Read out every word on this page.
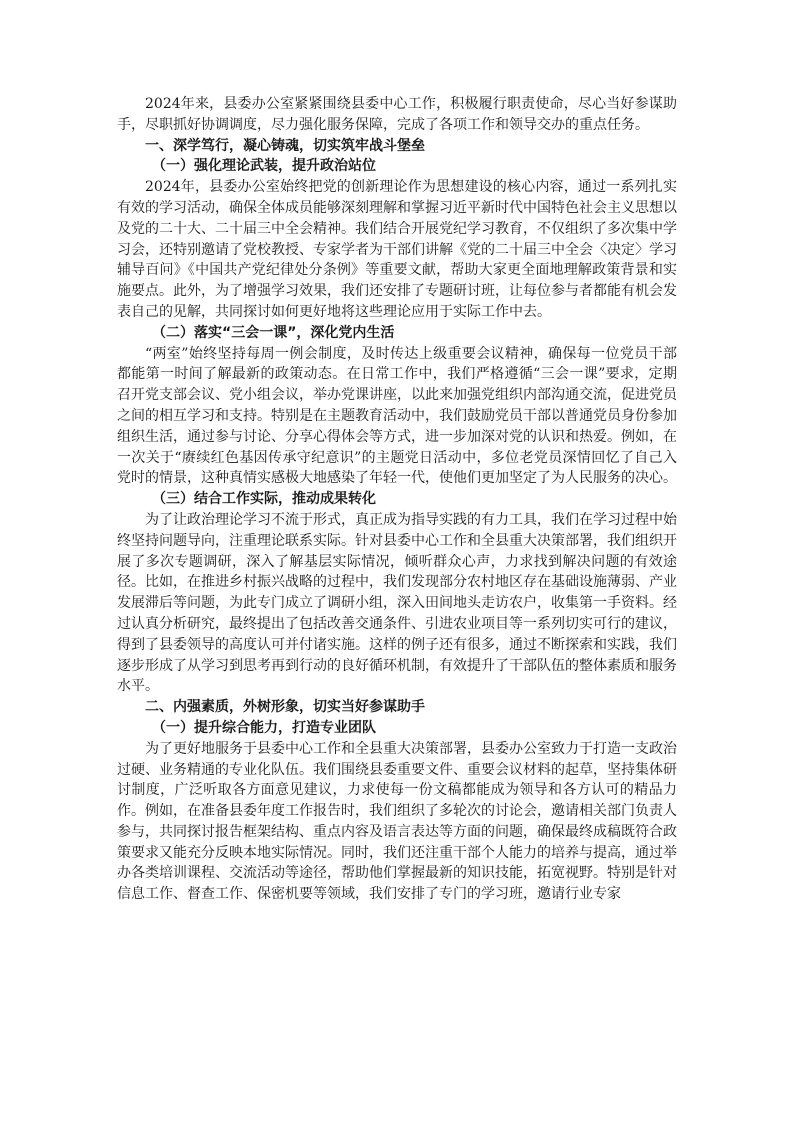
2024年来，县委办公室紧紧围绕县委中心工作，积极履行职责使命，尽心当好参谋助手，尽职抓好协调调度，尽力强化服务保障，完成了各项工作和领导交办的重点任务。

一、深学笃行，凝心铸魂，切实筑牢战斗堡垒
（一）强化理论武装，提升政治站位

2024年，县委办公室始终把党的创新理论作为思想建设的核心内容，通过一系列扎实有效的学习活动，确保全体成员能够深刻理解和掌握习近平新时代中国特色社会主义思想以及党的二十大、二十届三中全会精神。我们结合开展党纪学习教育，不仅组织了多次集中学习会，还特别邀请了党校教授、专家学者为干部们讲解《党的二十届三中全会〈决定〉学习辅导百问》《中国共产党纪律处分条例》等重要文献，帮助大家更全面地理解政策背景和实施要点。此外，为了增强学习效果，我们还安排了专题研讨班，让每位参与者都能有机会发表自己的见解，共同探讨如何更好地将这些理论应用于实际工作中去。

（二）落实“三会一课”，深化党内生活

“两室”始终坚持每周一例会制度，及时传达上级重要会议精神，确保每一位党员干部都能第一时间了解最新的政策动态。在日常工作中，我们严格遵循“三会一课”要求，定期召开党支部会议、党小组会议，举办党课讲座，以此来加强党组织内部沟通交流，促进党员之间的相互学习和支持。特别是在主题教育活动中，我们鼓励党员干部以普通党员身份参加组织生活，通过参与讨论、分享心得体会等方式，进一步加深对党的认识和热爱。例如，在一次关于“赓续红色基因传承守纪意识”的主题党日活动中，多位老党员深情回忆了自己入党时的情景，这种真情实感极大地感染了年轻一代，使他们更加坚定了为人民服务的决心。

（三）结合工作实际，推动成果转化

为了让政治理论学习不流于形式，真正成为指导实践的有力工具，我们在学习过程中始终坚持问题导向，注重理论联系实际。针对县委中心工作和全县重大决策部署，我们组织开展了多次专题调研，深入了解基层实际情况，倾听群众心声，力求找到解决问题的有效途径。比如，在推进乡村振兴战略的过程中，我们发现部分农村地区存在基础设施薄弱、产业发展滞后等问题，为此专门成立了调研小组，深入田间地头走访农户，收集第一手资料。经过认真分析研究，最终提出了包括改善交通条件、引进农业项目等一系列切实可行的建议，得到了县委领导的高度认可并付诸实施。这样的例子还有很多，通过不断探索和实践，我们逐步形成了从学习到思考再到行动的良好循环机制，有效提升了干部队伍的整体素质和服务水平。

二、内强素质，外树形象，切实当好参谋助手
（一）提升综合能力，打造专业团队

为了更好地服务于县委中心工作和全县重大决策部署，县委办公室致力于打造一支政治过硬、业务精通的专业化队伍。我们围绕县委重要文件、重要会议材料的起草，坚持集体研讨制度，广泛听取各方面意见建议，力求使每一份文稿都能成为领导和各方认可的精品力作。例如，在准备县委年度工作报告时，我们组织了多轮次的讨论会，邀请相关部门负责人参与，共同探讨报告框架结构、重点内容及语言表达等方面的问题，确保最终成稿既符合政策要求又能充分反映本地实际情况。同时，我们还注重干部个人能力的培养与提高，通过举办各类培训课程、交流活动等途径，帮助他们掌握最新的知识技能，拓宽视野。特别是针对信息工作、督查工作、保密机要等领域，我们安排了专门的学习班，邀请行业专家
